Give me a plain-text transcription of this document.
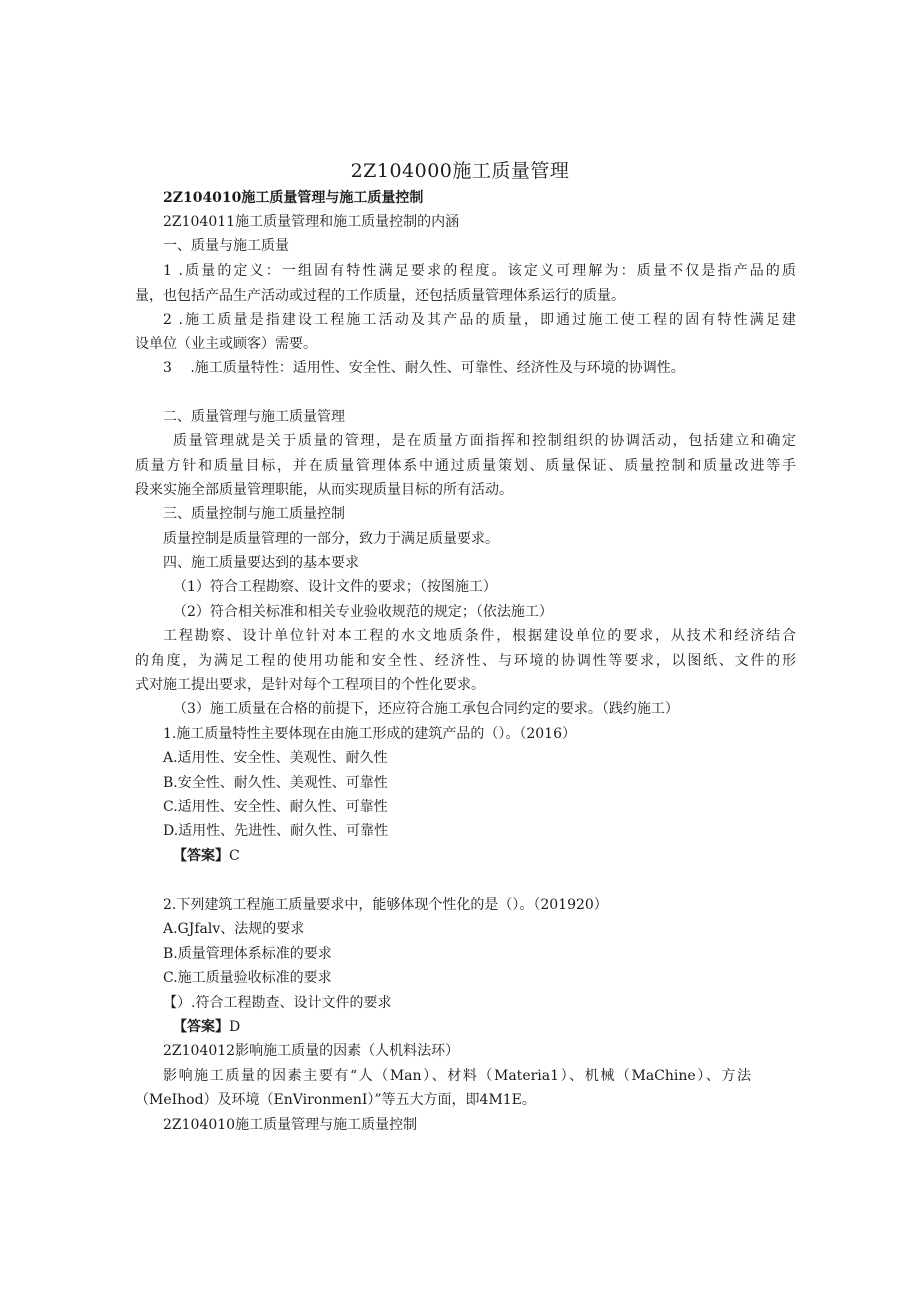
2Z104000施工质量管理
2Z104010施工质量管理与施工质量控制
2Z104011施工质量管理和施工质量控制的内涵
一、质量与施工质量
1 .质量的定义：一组固有特性满足要求的程度。该定义可理解为：质量不仅是指产品的质
量，也包括产品生产活动或过程的工作质量，还包括质量管理体系运行的质量。
2 .施工质量是指建设工程施工活动及其产品的质量，即通过施工使工程的固有特性满足建
设单位（业主或顾客）需要。
3　 .施工质量特性：适用性、安全性、耐久性、可靠性、经济性及与环境的协调性。
二、质量管理与施工质量管理
质量管理就是关于质量的管理，是在质量方面指挥和控制组织的协调活动，包括建立和确定
质量方针和质量目标，并在质量管理体系中通过质量策划、质量保证、质量控制和质量改进等手
段来实施全部质量管理职能，从而实现质量目标的所有活动。
三、质量控制与施工质量控制
质量控制是质量管理的一部分，致力于满足质量要求。
四、施工质量要达到的基本要求
（1）符合工程勘察、设计文件的要求；（按图施工）
（2）符合相关标准和相关专业验收规范的规定；（依法施工）
工程勘察、设计单位针对本工程的水文地质条件，根据建设单位的要求，从技术和经济结合
的角度，为满足工程的使用功能和安全性、经济性、与环境的协调性等要求，以图纸、文件的形
式对施工提出要求，是针对每个工程项目的个性化要求。
（3）施工质量在合格的前提下，还应符合施工承包合同约定的要求。（践约施工）
1.施工质量特性主要体现在由施工形成的建筑产品的（）。（2016）
A.适用性、安全性、美观性、耐久性
B.安全性、耐久性、美观性、可靠性
C.适用性、安全性、耐久性、可靠性
D.适用性、先进性、耐久性、可靠性
【答案】C
2.下列建筑工程施工质量要求中，能够体现个性化的是（）。（201920）
A.GJfalv、法规的要求
B.质量管理体系标准的要求
C.施工质量验收标准的要求
【）.符合工程勘查、设计文件的要求
【答案】D
2Z104012影响施工质量的因素（人机料法环）
影响施工质量的因素主要有“人（Man）、材料（Materia1）、机械（MaChine）、方法
（MeIhod）及环境（EnVironmenI）”等五大方面，即4M1E。
2Z104010施工质量管理与施工质量控制
